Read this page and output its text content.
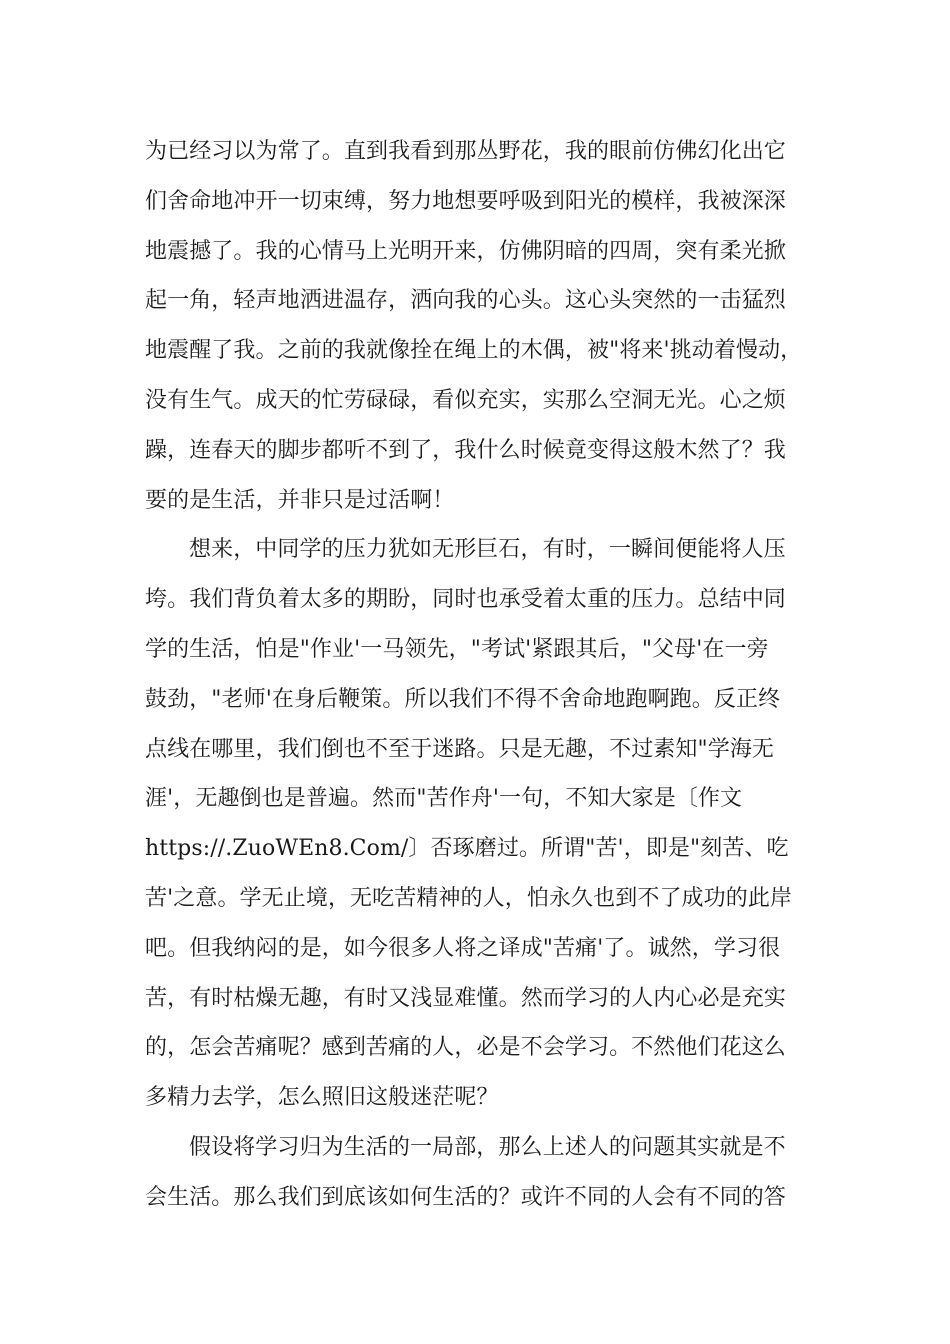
为已经习以为常了。直到我看到那丛野花，我的眼前仿佛幻化出它
们舍命地冲开一切束缚，努力地想要呼吸到阳光的模样，我被深深
地震撼了。我的心情马上光明开来，仿佛阴暗的四周，突有柔光掀
起一角，轻声地洒进温存，洒向我的心头。这心头突然的一击猛烈
地震醒了我。之前的我就像拴在绳上的木偶，被"将来'挑动着慢动，
没有生气。成天的忙劳碌碌，看似充实，实那么空洞无光。心之烦
躁，连春天的脚步都听不到了，我什么时候竟变得这般木然了？我
要的是生活，并非只是过活啊！
想来，中同学的压力犹如无形巨石，有时，一瞬间便能将人压
垮。我们背负着太多的期盼，同时也承受着太重的压力。总结中同
学的生活，怕是"作业'一马领先，"考试'紧跟其后，"父母'在一旁
鼓劲，"老师'在身后鞭策。所以我们不得不舍命地跑啊跑。反正终
点线在哪里，我们倒也不至于迷路。只是无趣，不过素知"学海无
涯'，无趣倒也是普遍。然而"苦作舟'一句，不知大家是〔作文
https://.ZuoWEn8.Com/〕否琢磨过。所谓"苦'，即是"刻苦、吃
苦'之意。学无止境，无吃苦精神的人，怕永久也到不了成功的此岸
吧。但我纳闷的是，如今很多人将之译成"苦痛'了。诚然，学习很
苦，有时枯燥无趣，有时又浅显难懂。然而学习的人内心必是充实
的，怎会苦痛呢？感到苦痛的人，必是不会学习。不然他们花这么
多精力去学，怎么照旧这般迷茫呢？
假设将学习归为生活的一局部，那么上述人的问题其实就是不
会生活。那么我们到底该如何生活的？或许不同的人会有不同的答
